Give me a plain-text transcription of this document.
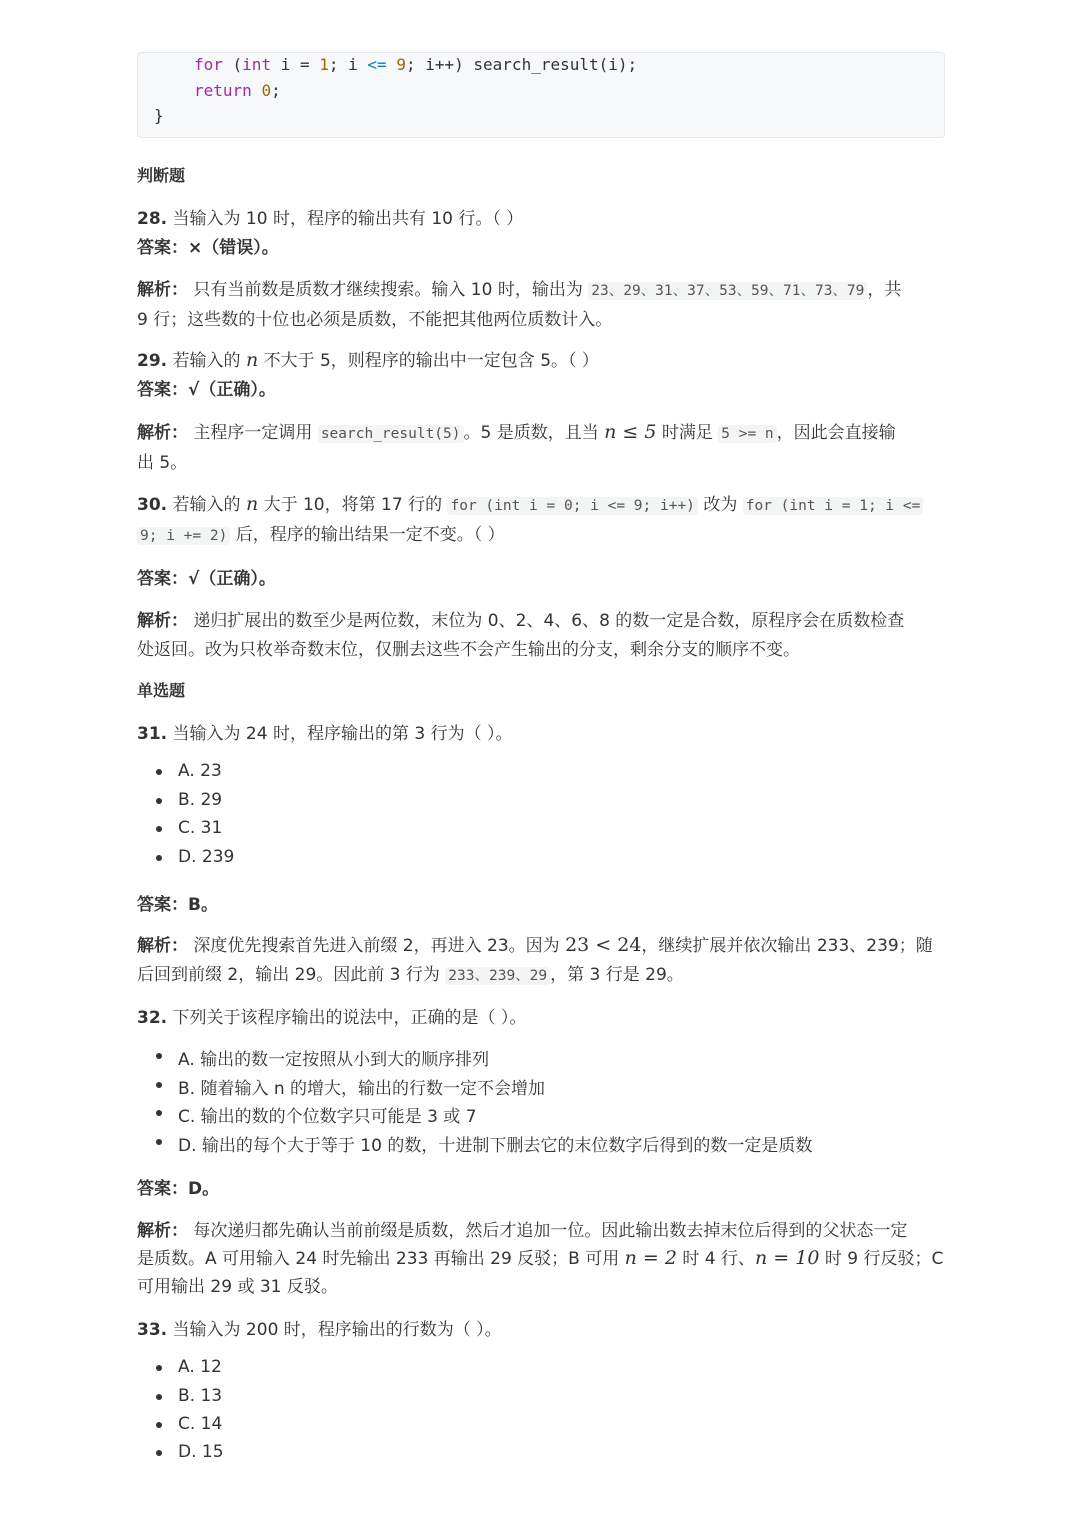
for (int i = 1; i <= 9; i++) search_result(i);
return 0;
}
判断题
28. 当输入为 10 时，程序的输出共有 10 行。（ ）
答案：×（错误）。
解析： 只有当前数是质数才继续搜索。输入 10 时，输出为 23、29、31、37、53、59、71、73、79 ，共
9 行；这些数的十位也必须是质数，不能把其他两位质数计入。
29. 若输入的 n 不大于 5，则程序的输出中一定包含 5。（ ）
答案：√（正确）。
解析： 主程序一定调用 search_result(5) 。5 是质数，且当 n ≤ 5 时满足 5 >= n ，因此会直接输
出 5。
30. 若输入的 n 大于 10，将第 17 行的 for (int i = 0; i <= 9; i++) 改为 for (int i = 1; i <=
9; i += 2) 后，程序的输出结果一定不变。（ ）
答案：√（正确）。
解析： 递归扩展出的数至少是两位数，末位为 0、2、4、6、8 的数一定是合数，原程序会在质数检查
处返回。改为只枚举奇数末位，仅删去这些不会产生输出的分支，剩余分支的顺序不变。
单选题
31. 当输入为 24 时，程序输出的第 3 行为（ ）。
A. 23
B. 29
C. 31
D. 239
答案：B。
解析： 深度优先搜索首先进入前缀 2，再进入 23。因为 23 < 24，继续扩展并依次输出 233、239；随
后回到前缀 2，输出 29。因此前 3 行为 233、239、29 ，第 3 行是 29。
32. 下列关于该程序输出的说法中，正确的是（ ）。
A. 输出的数一定按照从小到大的顺序排列
B. 随着输入 n 的增大，输出的行数一定不会增加
C. 输出的数的个位数字只可能是 3 或 7
D. 输出的每个大于等于 10 的数，十进制下删去它的末位数字后得到的数一定是质数
答案：D。
解析： 每次递归都先确认当前前缀是质数，然后才追加一位。因此输出数去掉末位后得到的父状态一定
是质数。A 可用输入 24 时先输出 233 再输出 29 反驳；B 可用 n = 2 时 4 行、n = 10 时 9 行反驳；C
可用输出 29 或 31 反驳。
33. 当输入为 200 时，程序输出的行数为（ ）。
A. 12
B. 13
C. 14
D. 15
